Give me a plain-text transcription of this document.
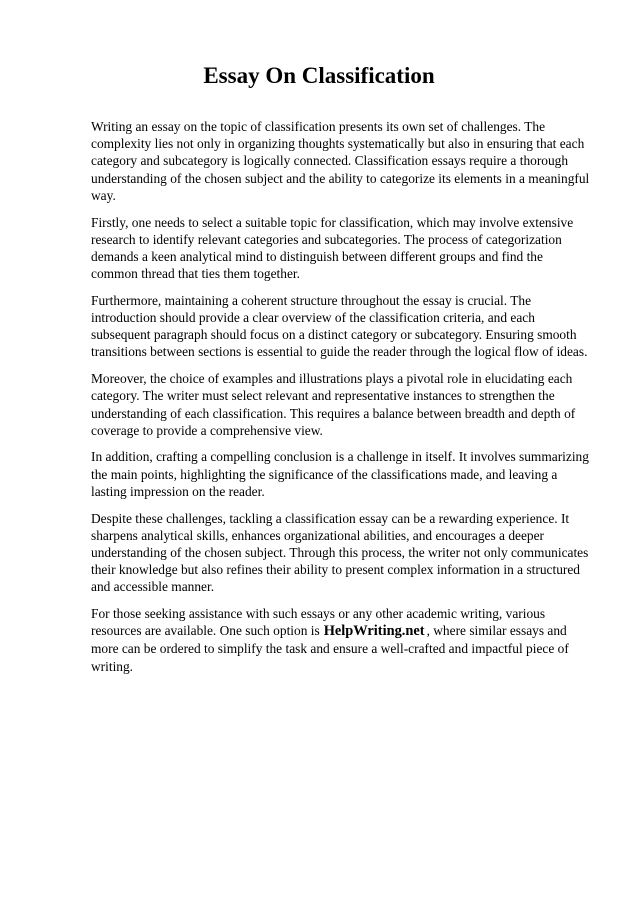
Essay On Classification

Writing an essay on the topic of classification presents its own set of challenges. The complexity lies not only in organizing thoughts systematically but also in ensuring that each category and subcategory is logically connected. Classification essays require a thorough understanding of the chosen subject and the ability to categorize its elements in a meaningful way.

Firstly, one needs to select a suitable topic for classification, which may involve extensive research to identify relevant categories and subcategories. The process of categorization demands a keen analytical mind to distinguish between different groups and find the common thread that ties them together.

Furthermore, maintaining a coherent structure throughout the essay is crucial. The introduction should provide a clear overview of the classification criteria, and each subsequent paragraph should focus on a distinct category or subcategory. Ensuring smooth transitions between sections is essential to guide the reader through the logical flow of ideas.

Moreover, the choice of examples and illustrations plays a pivotal role in elucidating each category. The writer must select relevant and representative instances to strengthen the understanding of each classification. This requires a balance between breadth and depth of coverage to provide a comprehensive view.

In addition, crafting a compelling conclusion is a challenge in itself. It involves summarizing the main points, highlighting the significance of the classifications made, and leaving a lasting impression on the reader.

Despite these challenges, tackling a classification essay can be a rewarding experience. It sharpens analytical skills, enhances organizational abilities, and encourages a deeper understanding of the chosen subject. Through this process, the writer not only communicates their knowledge but also refines their ability to present complex information in a structured and accessible manner.

For those seeking assistance with such essays or any other academic writing, various resources are available. One such option is HelpWriting.net , where similar essays and more can be ordered to simplify the task and ensure a well-crafted and impactful piece of writing.
